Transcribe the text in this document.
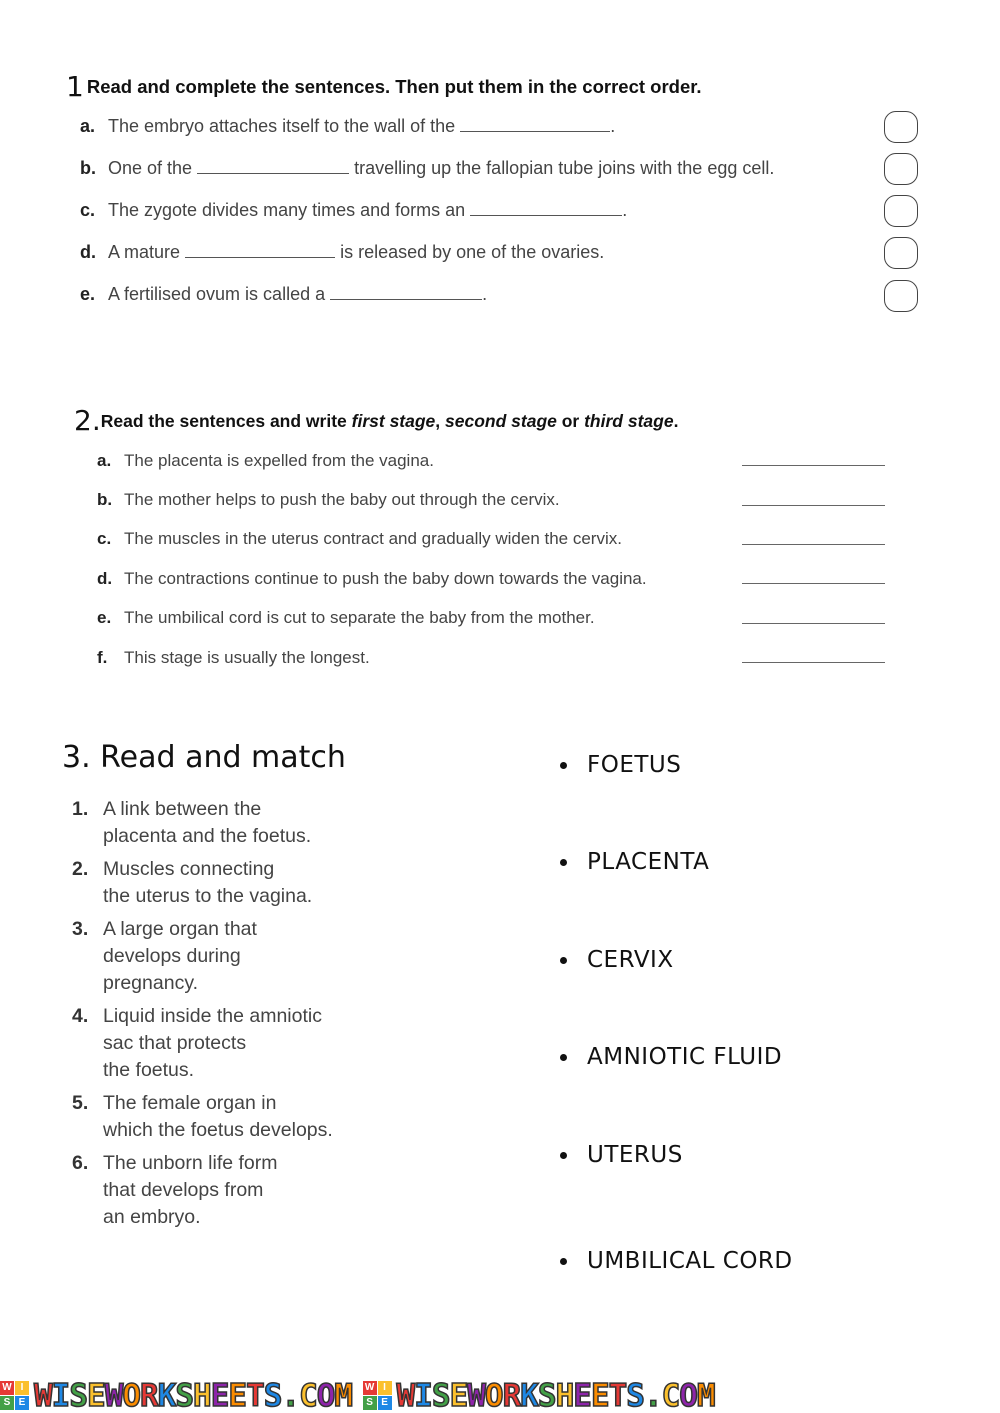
1 Read and complete the sentences. Then put them in the correct order.
a. The embryo attaches itself to the wall of the	.
b. One of the	travelling up the fallopian tube joins with the egg cell.
c. The zygote divides many times and forms an	.
d. A mature	is released by one of the ovaries.
e. A fertilised ovum is called a	.
2.Read the sentences and write first stage, second stage or third stage.
a. The placenta is expelled from the vagina.
b. The mother helps to push the baby out through the cervix.
c. The muscles in the uterus contract and gradually widen the cervix.
d. The contractions continue to push the baby down towards the vagina.
e. The umbilical cord is cut to separate the baby from the mother.
f. This stage is usually the longest.
3. Read and match
1. A link between the
placenta and the foetus.
2. Muscles connecting
the uterus to the vagina.
3. A large organ that
develops during
pregnancy.
4. Liquid inside the amniotic
sac that protects
the foetus.
5. The female organ in
which the foetus develops.
6. The unborn life form
that develops from
an embryo.
FOETUS
PLACENTA
CERVIX
AMNIOTIC FLUID
UTERUS
UMBILICAL CORD
W I
S E WISEWORKSHEETS.COM W I
S E WISEWORKSHEETS.COM
